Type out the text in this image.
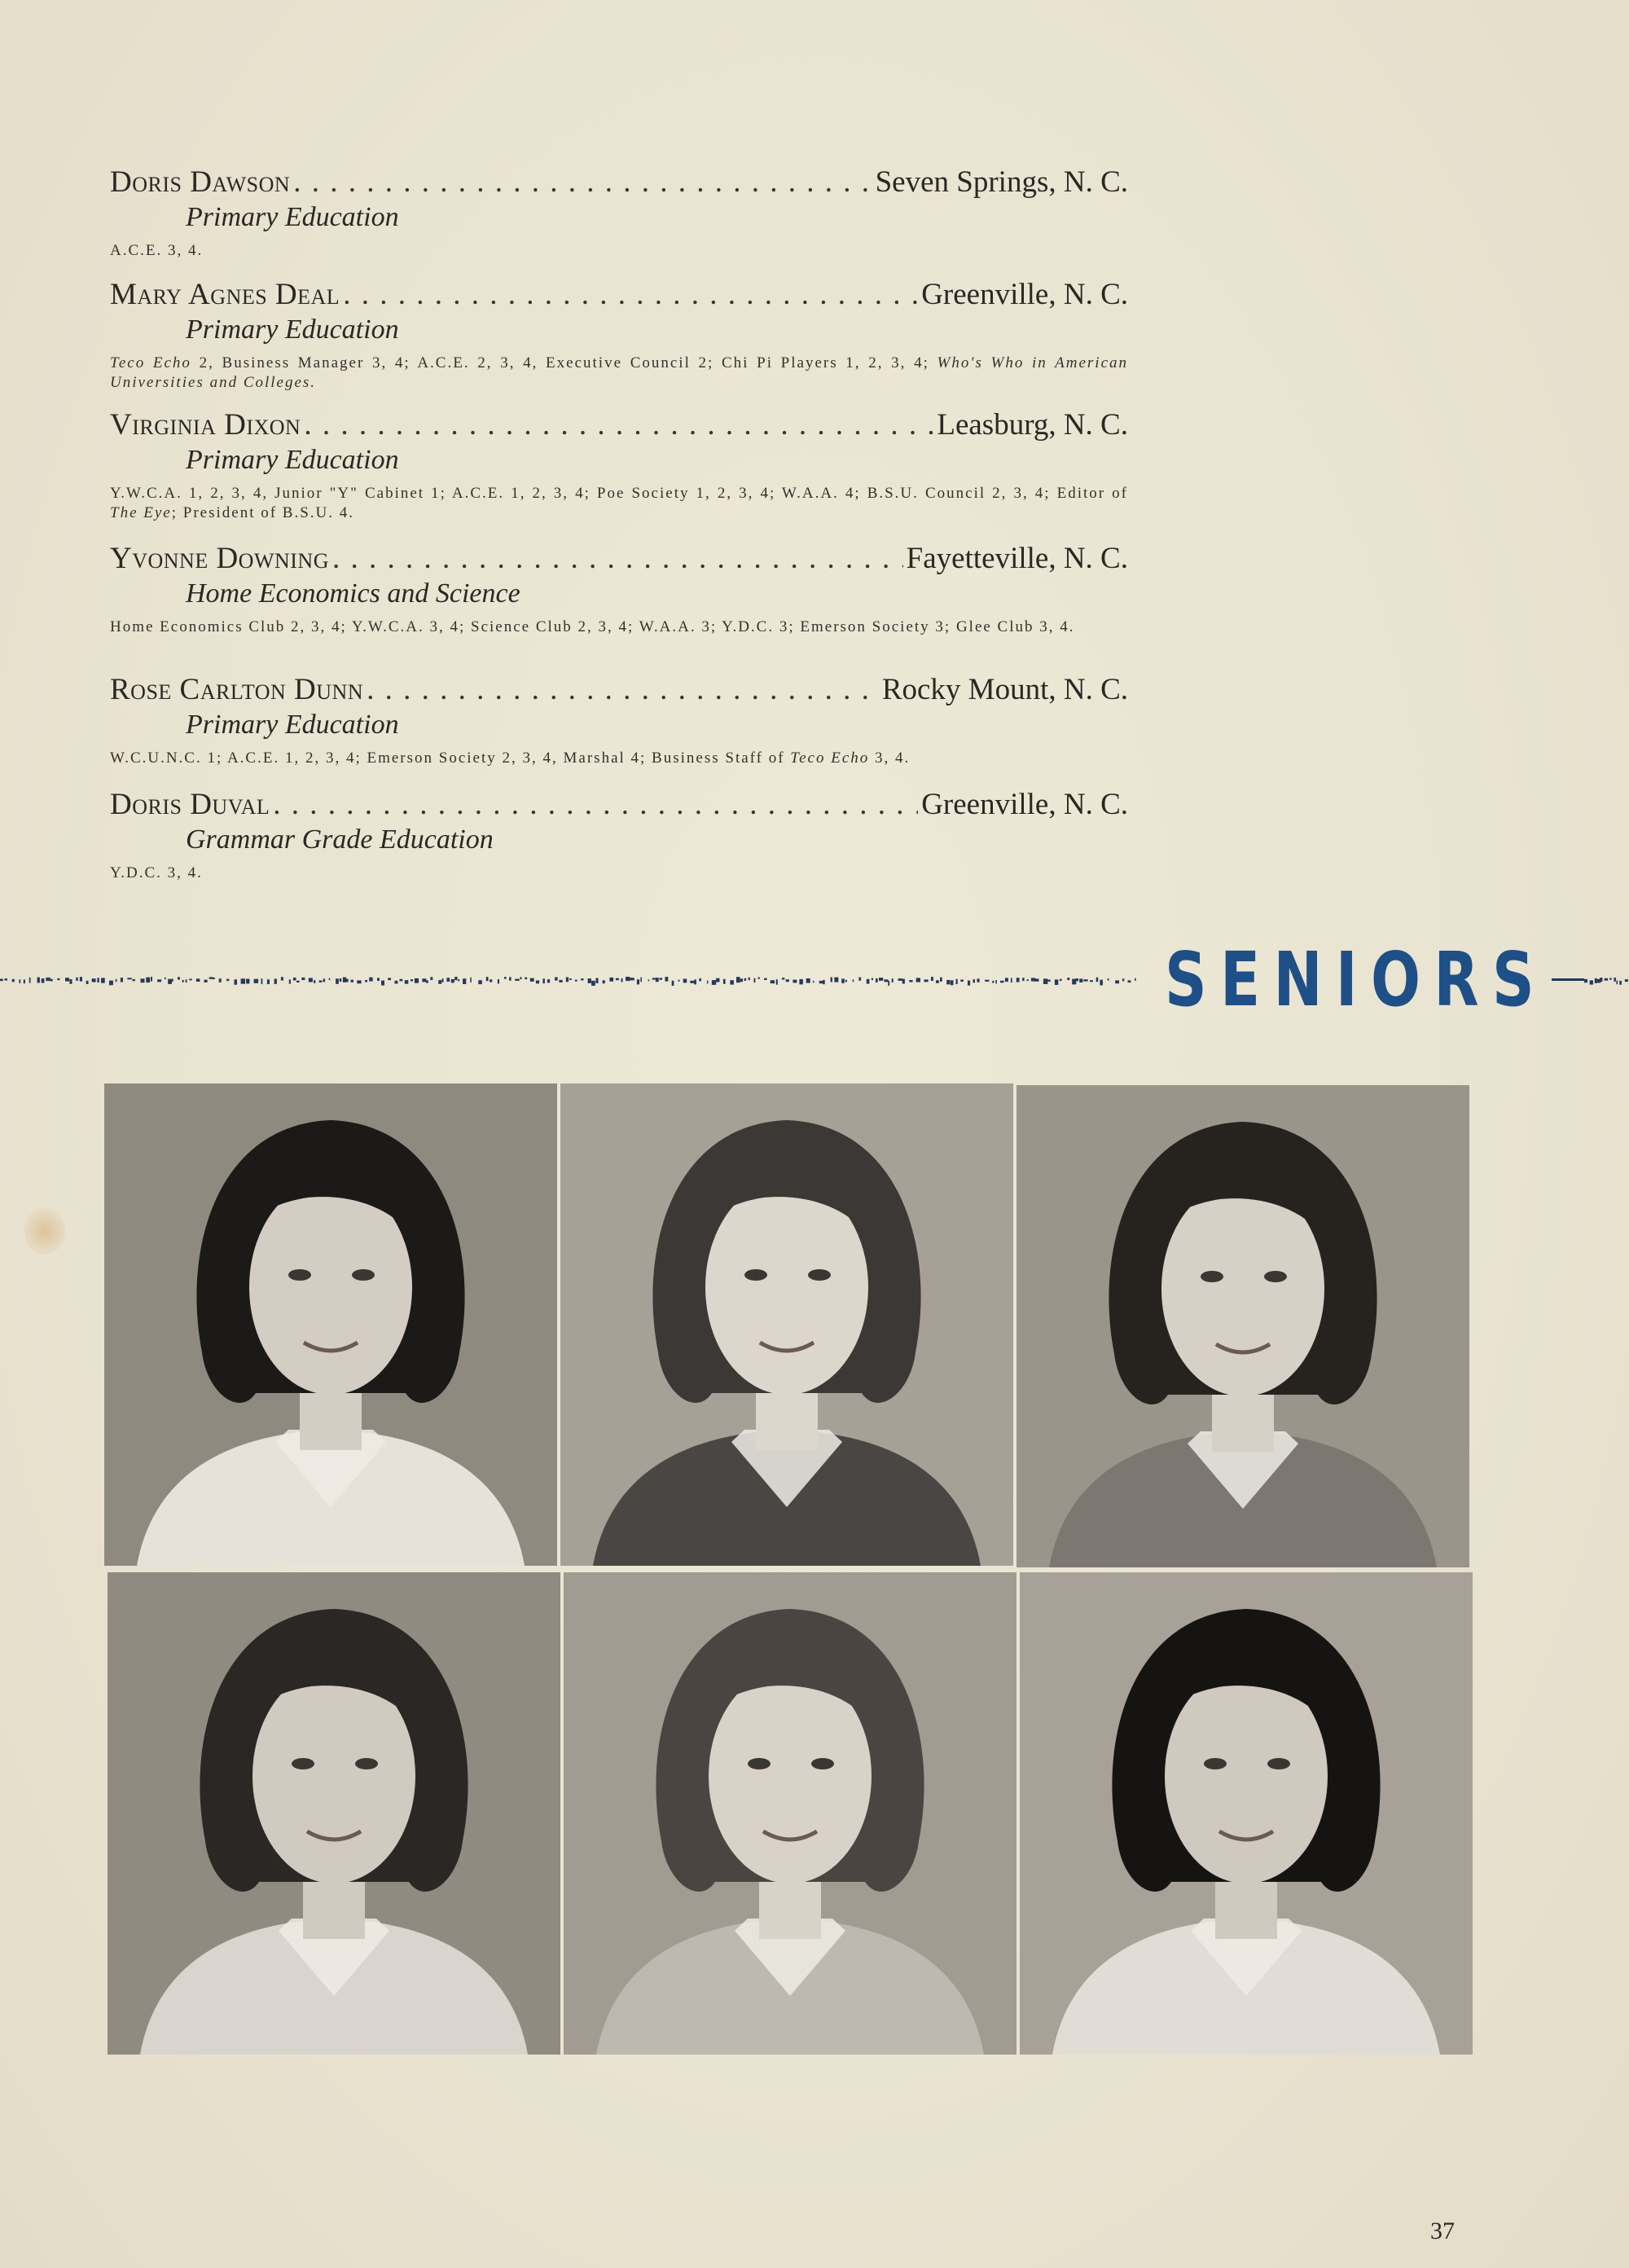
Doris Dawson . . .	Seven Springs, N. C.
Primary Education
A.C.E. 3, 4.
Mary Agnes Deal . . .	Greenville, N. C.
Primary Education
Teco Echo 2, Business Manager 3, 4; A.C.E. 2, 3, 4, Executive Council 2; Chi Pi Players 1, 2, 3, 4; Who's Who in American Universities and Colleges.
Virginia Dixon . . .	Leasburg, N. C.
Primary Education
Y.W.C.A. 1, 2, 3, 4, Junior "Y" Cabinet 1; A.C.E. 1, 2, 3, 4; Poe Society 1, 2, 3, 4; W.A.A. 4; B.S.U. Council 2, 3, 4; Editor of The Eye; President of B.S.U. 4.
Yvonne Downing . . .	Fayetteville, N. C.
Home Economics and Science
Home Economics Club 2, 3, 4; Y.W.C.A. 3, 4; Science Club 2, 3, 4; W.A.A. 3; Y.D.C. 3; Emerson Society 3; Glee Club 3, 4.
Rose Carlton Dunn . . .	Rocky Mount, N. C.
Primary Education
W.C.U.N.C. 1; A.C.E. 1, 2, 3, 4; Emerson Society 2, 3, 4, Marshal 4; Business Staff of Teco Echo 3, 4.
Doris Duval . . .	Greenville, N. C.
Grammar Grade Education
Y.D.C. 3, 4.
SENIORS
37
